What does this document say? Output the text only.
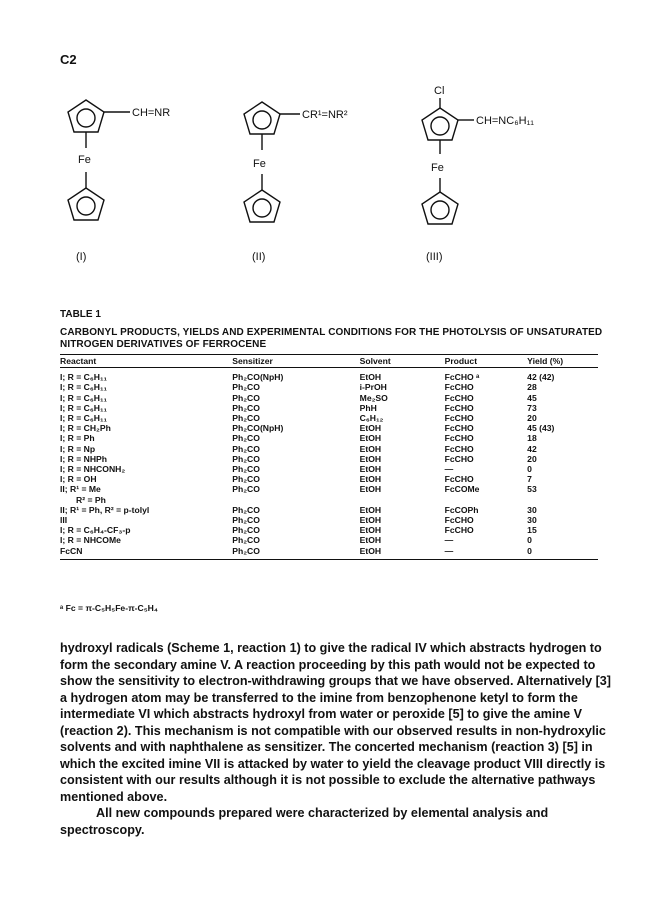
C2
CH=NR
Fe
(I)
CR¹=NR²
Fe
(II)
Cl
CH=NC₆H₁₁
Fe
(III)
TABLE 1
CARBONYL PRODUCTS, YIELDS AND EXPERIMENTAL CONDITIONS FOR THE PHOTOLYSIS OF UNSATURATED NITROGEN DERIVATIVES OF FERROCENE
Reactant	Sensitizer	Solvent	Product	Yield (%)
I; R = C₆H₁₁	Ph₂CO(NpH)	EtOH	FcCHO ᵃ	42 (42)
I; R = C₆H₁₁	Ph₂CO	i-PrOH	FcCHO	28
I; R = C₆H₁₁	Ph₂CO	Me₂SO	FcCHO	45
I; R = C₆H₁₁	Ph₂CO	PhH	FcCHO	73
I; R = C₆H₁₁	Ph₂CO	C₆H₁₂	FcCHO	20
I; R = CH₂Ph	Ph₂CO(NpH)	EtOH	FcCHO	45 (43)
I; R = Ph	Ph₂CO	EtOH	FcCHO	18
I; R = Np	Ph₂CO	EtOH	FcCHO	42
I; R = NHPh	Ph₂CO	EtOH	FcCHO	20
I; R = NHCONH₂	Ph₂CO	EtOH	—	0
I; R = OH	Ph₂CO	EtOH	FcCHO	7
II; R¹ = Me	Ph₂CO	EtOH	FcCOMe	53
R² = Ph				
II; R¹ = Ph, R² = p-tolyl	Ph₂CO	EtOH	FcCOPh	30
III	Ph₂CO	EtOH	FcCHO	30
I; R = C₆H₄-CF₃-p	Ph₂CO	EtOH	FcCHO	15
I; R = NHCOMe	Ph₂CO	EtOH	—	0
FcCN	Ph₂CO	EtOH	—	0
ᵃ Fc = π-C₅H₅Fe-π-C₅H₄

hydroxyl radicals (Scheme 1, reaction 1) to give the radical IV which abstracts hydrogen to form the secondary amine V. A reaction proceeding by this path would not be expected to show the sensitivity to electron-withdrawing groups that we have observed. Alternatively [3] a hydrogen atom may be transferred to the imine from benzophenone ketyl to form the intermediate VI which abstracts hydroxyl from water or peroxide [5] to give the amine V (reaction 2). This mechanism is not compatible with our observed results in non-hydroxylic solvents and with naphthalene as sensitizer. The concerted mechanism (reaction 3) [5] in which the excited imine VII is attacked by water to yield the cleavage product VIII directly is consistent with our results although it is not possible to exclude the alternative pathways mentioned above.

All new compounds prepared were characterized by elemental analysis and spectroscopy.
